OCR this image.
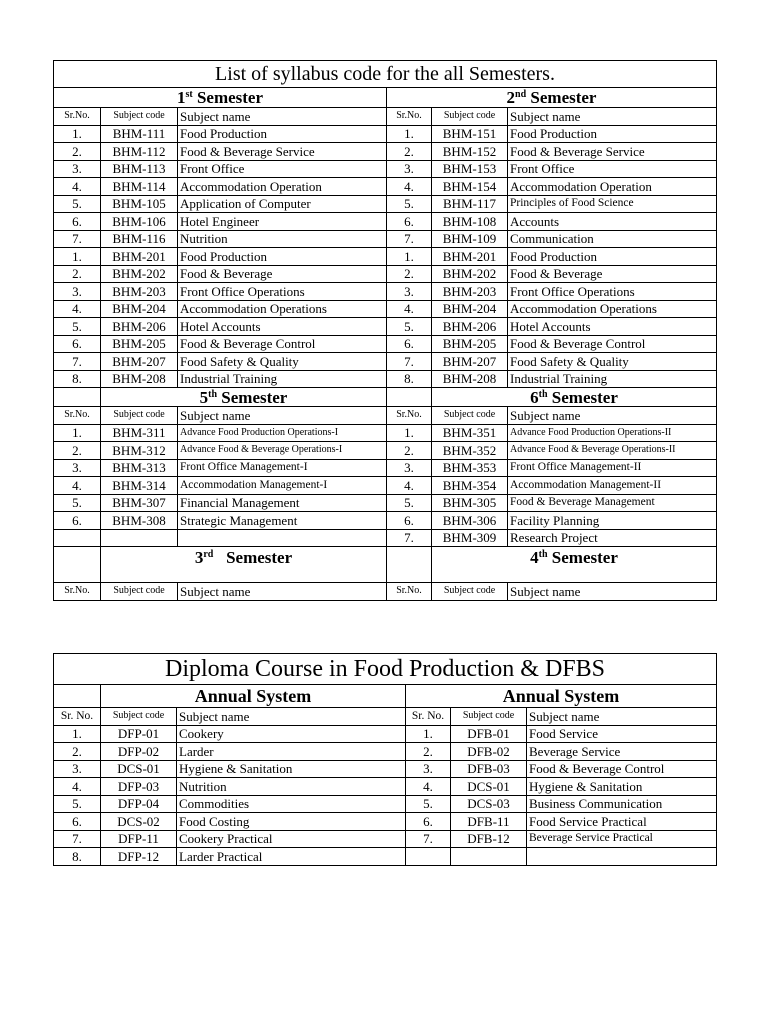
List of syllabus code for the all Semesters.					
1st Semester			2nd Semester		
Sr.No.	Subject code	Subject name	Sr.No.	Subject code	Subject name
1.	BHM-111	Food Production	1.	BHM-151	Food Production
2.	BHM-112	Food & Beverage Service	2.	BHM-152	Food & Beverage Service
3.	BHM-113	Front Office	3.	BHM-153	Front Office
4.	BHM-114	Accommodation Operation	4.	BHM-154	Accommodation Operation
5.	BHM-105	Application of Computer	5.	BHM-117	Principles of Food Science
6.	BHM-106	Hotel Engineer	6.	BHM-108	Accounts
7.	BHM-116	Nutrition	7.	BHM-109	Communication
1.	BHM-201	Food Production	1.	BHM-201	Food Production
2.	BHM-202	Food & Beverage	2.	BHM-202	Food & Beverage
3.	BHM-203	Front Office Operations	3.	BHM-203	Front Office Operations
4.	BHM-204	Accommodation Operations	4.	BHM-204	Accommodation Operations
5.	BHM-206	Hotel Accounts	5.	BHM-206	Hotel Accounts
6.	BHM-205	Food & Beverage Control	6.	BHM-205	Food & Beverage Control
7.	BHM-207	Food Safety & Quality	7.	BHM-207	Food Safety & Quality
8.	BHM-208	Industrial Training	8.	BHM-208	Industrial Training
	5th Semester			6th Semester	
Sr.No.	Subject code	Subject name	Sr.No.	Subject code	Subject name
1.	BHM-311	Advance Food Production Operations-I	1.	BHM-351	Advance Food Production Operations-II
2.	BHM-312	Advance Food & Beverage Operations-I	2.	BHM-352	Advance Food & Beverage Operations-II
3.	BHM-313	Front Office Management-I	3.	BHM-353	Front Office Management-II
4.	BHM-314	Accommodation Management-I	4.	BHM-354	Accommodation Management-II
5.	BHM-307	Financial Management	5.	BHM-305	Food & Beverage Management
6.	BHM-308	Strategic Management	6.	BHM-306	Facility Planning
			7.	BHM-309	Research Project
	3rd Semester			4th Semester	
Sr.No.	Subject code	Subject name	Sr.No.	Subject code	Subject name
Diploma Course in Food Production & DFBS					
	Annual System		Annual System		
Sr. No.	Subject code	Subject name	Sr. No.	Subject code	Subject name
1.	DFP-01	Cookery	1.	DFB-01	Food Service
2.	DFP-02	Larder	2.	DFB-02	Beverage Service
3.	DCS-01	Hygiene & Sanitation	3.	DFB-03	Food & Beverage Control
4.	DFP-03	Nutrition	4.	DCS-01	Hygiene & Sanitation
5.	DFP-04	Commodities	5.	DCS-03	Business Communication
6.	DCS-02	Food Costing	6.	DFB-11	Food Service Practical
7.	DFP-11	Cookery Practical	7.	DFB-12	Beverage Service Practical
8.	DFP-12	Larder Practical			
